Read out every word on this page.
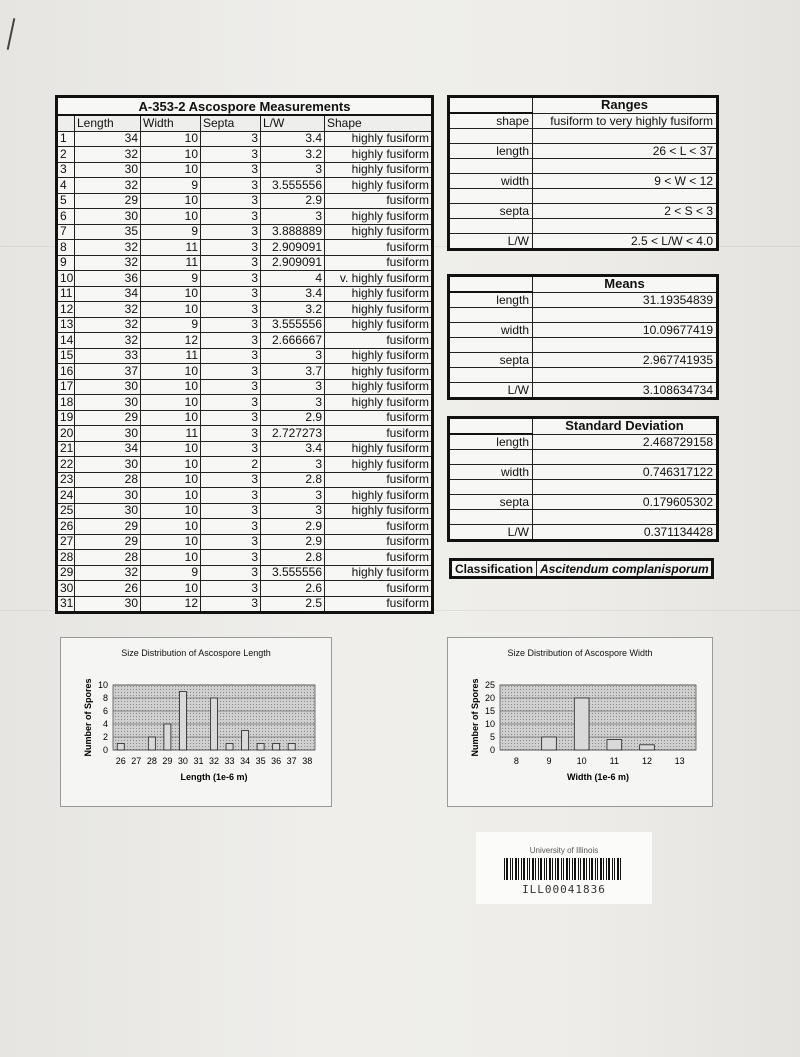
A-353-2 Ascospore Measurements					
	Length	Width	Septa	L/W	Shape
1	34	10	3	3.4	highly fusiform
2	32	10	3	3.2	highly fusiform
3	30	10	3	3	highly fusiform
4	32	9	3	3.555556	highly fusiform
5	29	10	3	2.9	fusiform
6	30	10	3	3	highly fusiform
7	35	9	3	3.888889	highly fusiform
8	32	11	3	2.909091	fusiform
9	32	11	3	2.909091	fusiform
10	36	9	3	4	v. highly fusiform
11	34	10	3	3.4	highly fusiform
12	32	10	3	3.2	highly fusiform
13	32	9	3	3.555556	highly fusiform
14	32	12	3	2.666667	fusiform
15	33	11	3	3	highly fusiform
16	37	10	3	3.7	highly fusiform
17	30	10	3	3	highly fusiform
18	30	10	3	3	highly fusiform
19	29	10	3	2.9	fusiform
20	30	11	3	2.727273	fusiform
21	34	10	3	3.4	highly fusiform
22	30	10	2	3	highly fusiform
23	28	10	3	2.8	fusiform
24	30	10	3	3	highly fusiform
25	30	10	3	3	highly fusiform
26	29	10	3	2.9	fusiform
27	29	10	3	2.9	fusiform
28	28	10	3	2.8	fusiform
29	32	9	3	3.555556	highly fusiform
30	26	10	3	2.6	fusiform
31	30	12	3	2.5	fusiform
	Ranges
shape	fusiform to very highly fusiform

length	26 < L < 37

width	9 < W < 12

septa	2 < S < 3

L/W	2.5 < L/W < 4.0
	Means
length	31.19354839

width	10.09677419

septa	2.967741935

L/W	3.108634734
	Standard Deviation
length	2.468729158

width	0.746317122

septa	0.179605302

L/W	0.371134428
Classification	Ascitendum complanisporum
Size Distribution of Ascospore Length
0
2
4
6
8
10
26 27 28 29 30 31 32 33 34 35 36 37 38
Length (1e-6 m)
Number of Spores
Size Distribution of Ascospore Width
0
5
10
15
20
25
8	9	10	11	12	13
Width (1e-6 m)
Number of Spores
University of Illinois
ILL00041836
